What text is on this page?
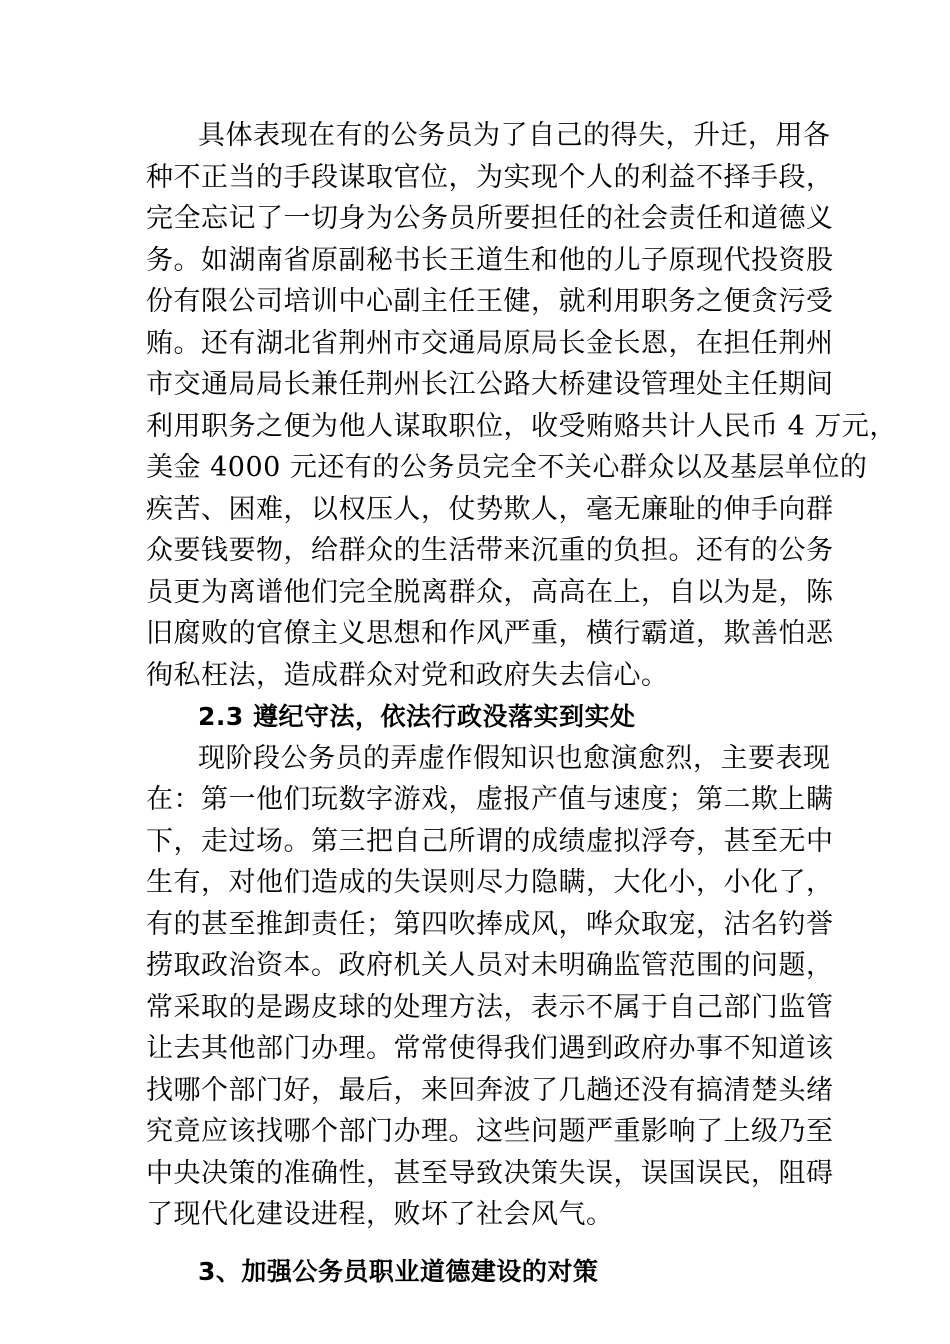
具体表现在有的公务员为了自己的得失，升迁，用各
种不正当的手段谋取官位，为实现个人的利益不择手段，
完全忘记了一切身为公务员所要担任的社会责任和道德义
务。如湖南省原副秘书长王道生和他的儿子原现代投资股
份有限公司培训中心副主任王健，就利用职务之便贪污受
贿。还有湖北省荆州市交通局原局长金长恩，在担任荆州
市交通局局长兼任荆州长江公路大桥建设管理处主任期间
利用职务之便为他人谋取职位，收受贿赂共计人民币 4 万元，
美金 4000 元还有的公务员完全不关心群众以及基层单位的
疾苦、困难，以权压人，仗势欺人，毫无廉耻的伸手向群
众要钱要物，给群众的生活带来沉重的负担。还有的公务
员更为离谱他们完全脱离群众，高高在上，自以为是，陈
旧腐败的官僚主义思想和作风严重，横行霸道，欺善怕恶
徇私枉法，造成群众对党和政府失去信心。
2.3 遵纪守法，依法行政没落实到实处
现阶段公务员的弄虚作假知识也愈演愈烈，主要表现
在：第一他们玩数字游戏，虚报产值与速度；第二欺上瞒
下，走过场。第三把自己所谓的成绩虚拟浮夸，甚至无中
生有，对他们造成的失误则尽力隐瞒，大化小，小化了，
有的甚至推卸责任；第四吹捧成风，哗众取宠，沽名钓誉
捞取政治资本。政府机关人员对未明确监管范围的问题，
常采取的是踢皮球的处理方法，表示不属于自己部门监管
让去其他部门办理。常常使得我们遇到政府办事不知道该
找哪个部门好，最后，来回奔波了几趟还没有搞清楚头绪
究竟应该找哪个部门办理。这些问题严重影响了上级乃至
中央决策的准确性，甚至导致决策失误，误国误民，阻碍
了现代化建设进程，败坏了社会风气。
3、加强公务员职业道德建设的对策
